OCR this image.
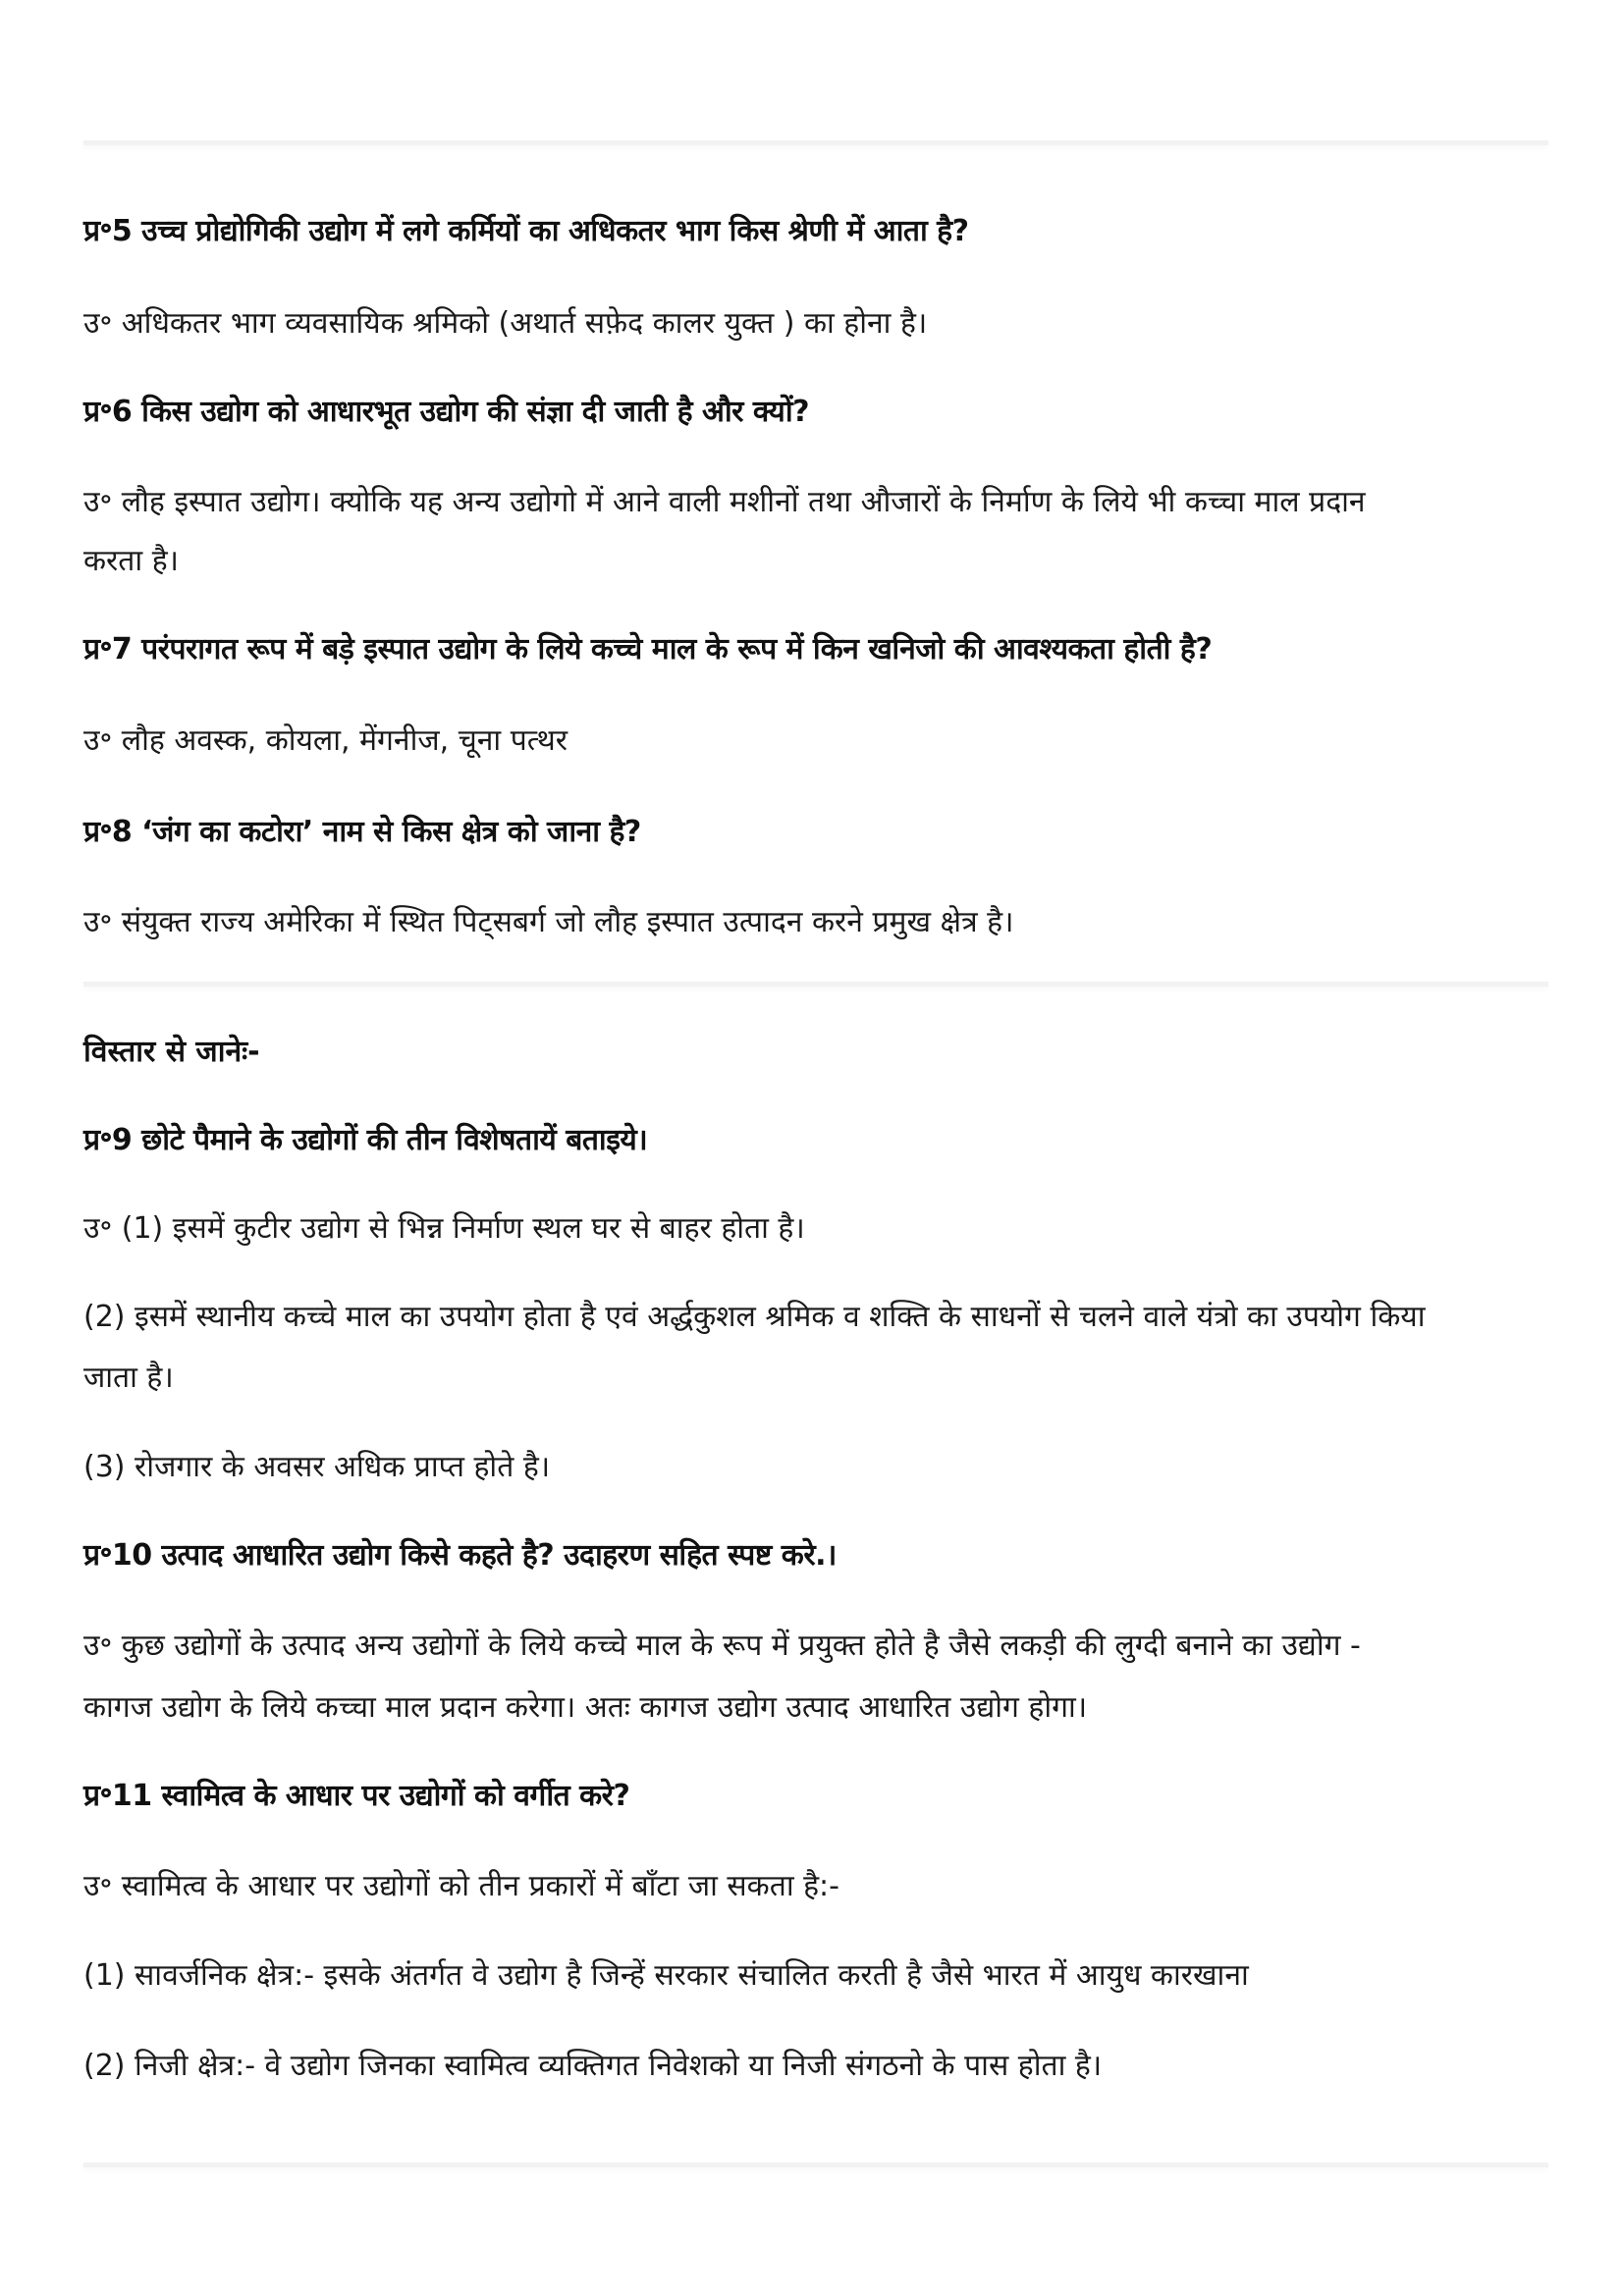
प्र॰5 उच्च प्रोद्योगिकी उद्योग में लगे कर्मियों का अधिकतर भाग किस श्रेणी में आता है?
उ॰ अधिकतर भाग व्यवसायिक श्रमिको (अथार्त सफ़ेद कालर युक्त ) का होना है।
प्र॰6 किस उद्योग को आधारभूत उद्योग की संज्ञा दी जाती है और क्यों?
उ॰ लौह इस्पात उद्योग। क्योकि यह अन्य उद्योगो में आने वाली मशीनों तथा औजारों के निर्माण के लिये भी कच्चा माल प्रदान
करता है।
प्र॰7 परंपरागत रूप में बड़े इस्पात उद्योग के लिये कच्चे माल के रूप में किन खनिजो की आवश्यकता होती है?
उ॰ लौह अवस्क, कोयला, मेंगनीज, चूना पत्थर
प्र॰8 ‘जंग का कटोरा’ नाम से किस क्षेत्र को जाना है?
उ॰ संयुक्त राज्य अमेरिका में स्थित पिट्सबर्ग जो लौह इस्पात उत्पादन करने प्रमुख क्षेत्र है।
विस्तार से जानेः-
प्र॰9 छोटे पैमाने के उद्योगों की तीन विशेषतायें बताइये।
उ॰ (1) इसमें कुटीर उद्योग से भिन्न निर्माण स्थल घर से बाहर होता है।
(2) इसमें स्थानीय कच्चे माल का उपयोग होता है एवं अर्द्धकुशल श्रमिक व शक्ति के साधनों से चलने वाले यंत्रो का उपयोग किया
जाता है।
(3) रोजगार के अवसर अधिक प्राप्त होते है।
प्र॰10 उत्पाद आधारित उद्योग किसे कहते है? उदाहरण सहित स्पष्ट करे.।
उ॰ कुछ उद्योगों के उत्पाद अन्य उद्योगों के लिये कच्चे माल के रूप में प्रयुक्त होते है जैसे लकड़ी की लुग्दी बनाने का उद्योग -
कागज उद्योग के लिये कच्चा माल प्रदान करेगा। अतः कागज उद्योग उत्पाद आधारित उद्योग होगा।
प्र॰11 स्वामित्व के आधार पर उद्योगों को वर्गीत करे?
उ॰ स्वामित्व के आधार पर उद्योगों को तीन प्रकारों में बाँटा जा सकता है:-
(1) सावर्जनिक क्षेत्र:- इसके अंतर्गत वे उद्योग है जिन्हें सरकार संचालित करती है जैसे भारत में आयुध कारखाना
(2) निजी क्षेत्र:- वे उद्योग जिनका स्वामित्व व्यक्तिगत निवेशको या निजी संगठनो के पास होता है।
